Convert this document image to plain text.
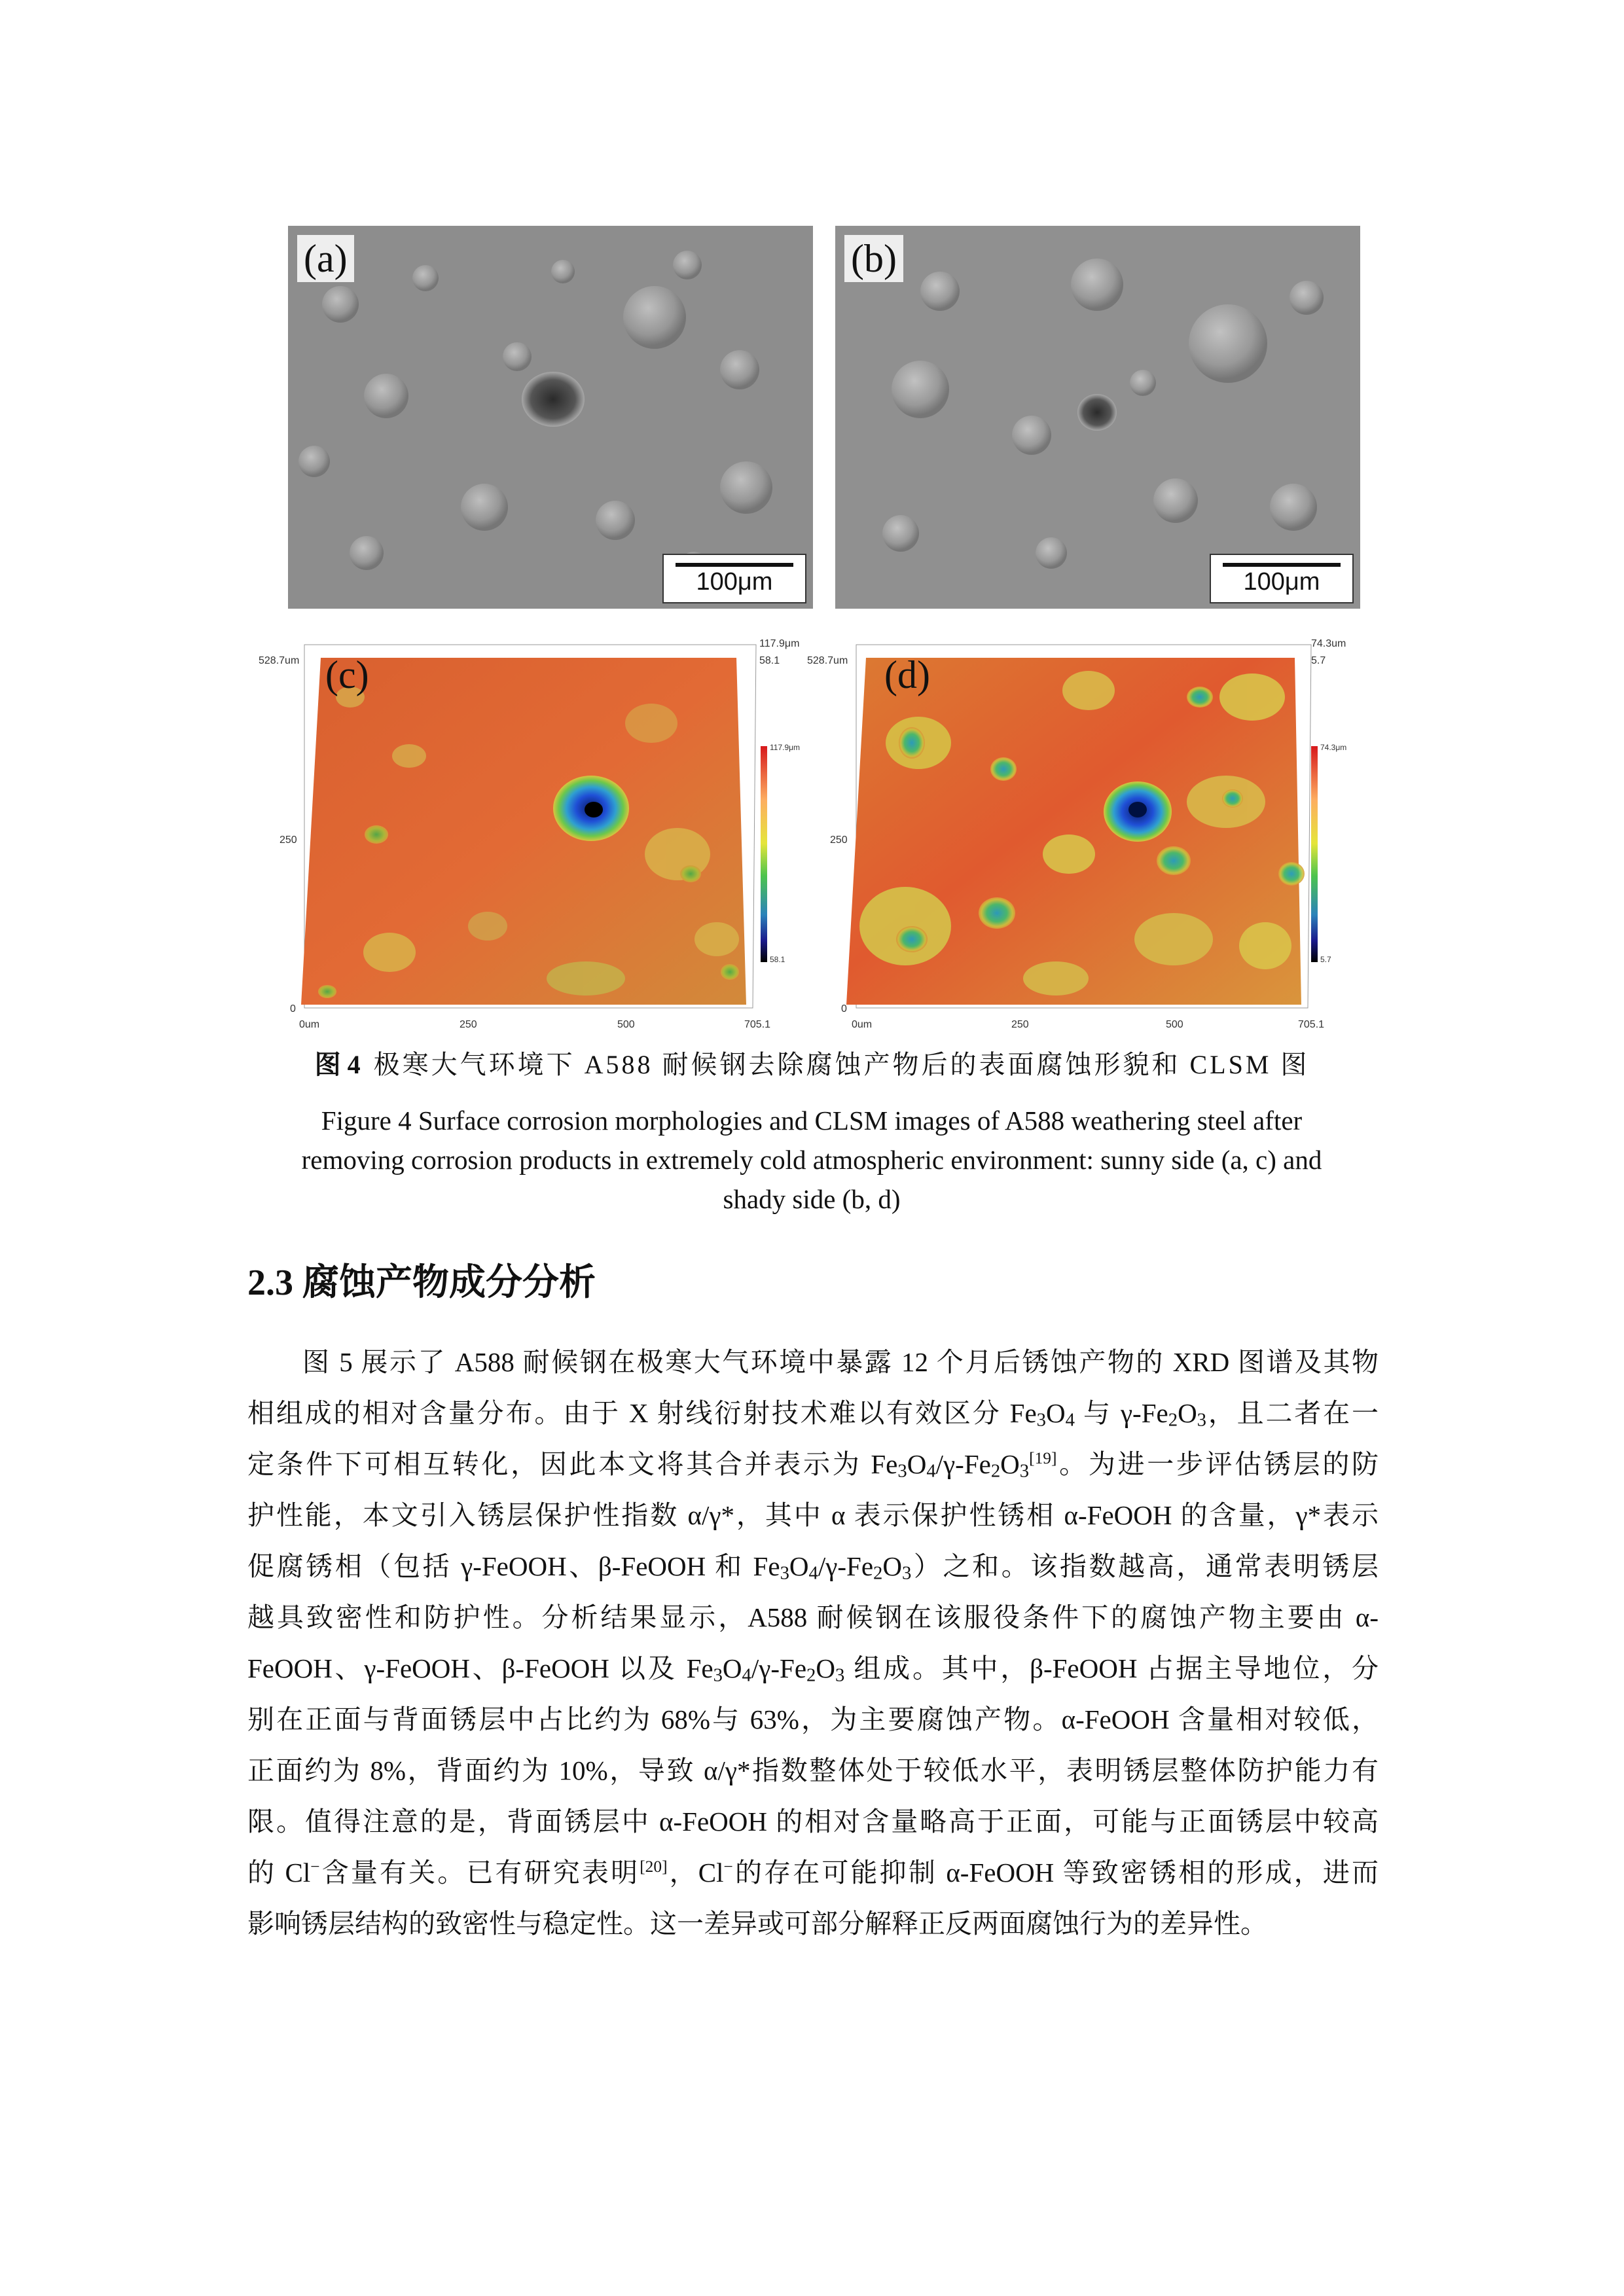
(a)
100μm
(b)
100μm
528.7um
117.9μm
58.1
250
0
0um	250	500	705.1
117.9μm
58.1
(c)	528.7um
74.3um
5.7
250
0
0um	250	500	705.1
74.3μm
5.7
(d)
图 4 极寒大气环境下 A588 耐候钢去除腐蚀产物后的表面腐蚀形貌和 CLSM 图
Figure 4 Surface corrosion morphologies and CLSM images of A588 weathering steel after
removing corrosion products in extremely cold atmospheric environment: sunny side (a, c) and
shady side (b, d)
2.3 腐蚀产物成分分析
图 5 展示了 A588 耐候钢在极寒大气环境中暴露 12 个月后锈蚀产物的 XRD 图谱及其物
相组成的相对含量分布。由于 X 射线衍射技术难以有效区分 $Fe_3O_4$ 与 $\gamma-Fe_2O_3$，且二者在一
定条件下可相互转化，因此本文将其合并表示为 $Fe_3O_4/\gamma-Fe_2O_3[19]$。为进一步评估锈层的防
护性能，本文引入锈层保护性指数 α/γ*，其中 α 表示保护性锈相 α-FeOOH 的含量，γ*表示
促腐锈相（包括 γ-FeOOH、β-FeOOH 和 $Fe_3O_4/\gamma-Fe_2O_3$）之和。该指数越高，通常表明锈层
越具致密性和防护性。分析结果显示，A588 耐候钢在该服役条件下的腐蚀产物主要由 α-
FeOOH、γ-FeOOH、β-FeOOH 以及 $Fe_3O_4/\gamma-Fe_2O_3$ 组成。其中，β-FeOOH 占据主导地位，分
别在正面与背面锈层中占比约为 68%与 63%，为主要腐蚀产物。α-FeOOH 含量相对较低，
正面约为 8%，背面约为 10%，导致 α/γ*指数整体处于较低水平，表明锈层整体防护能力有
限。值得注意的是，背面锈层中 α-FeOOH 的相对含量略高于正面，可能与正面锈层中较高
的 Cl−含量有关。已有研究表明[20]，Cl−的存在可能抑制 α-FeOOH 等致密锈相的形成，进而
影响锈层结构的致密性与稳定性。这一差异或可部分解释正反两面腐蚀行为的差异性。
